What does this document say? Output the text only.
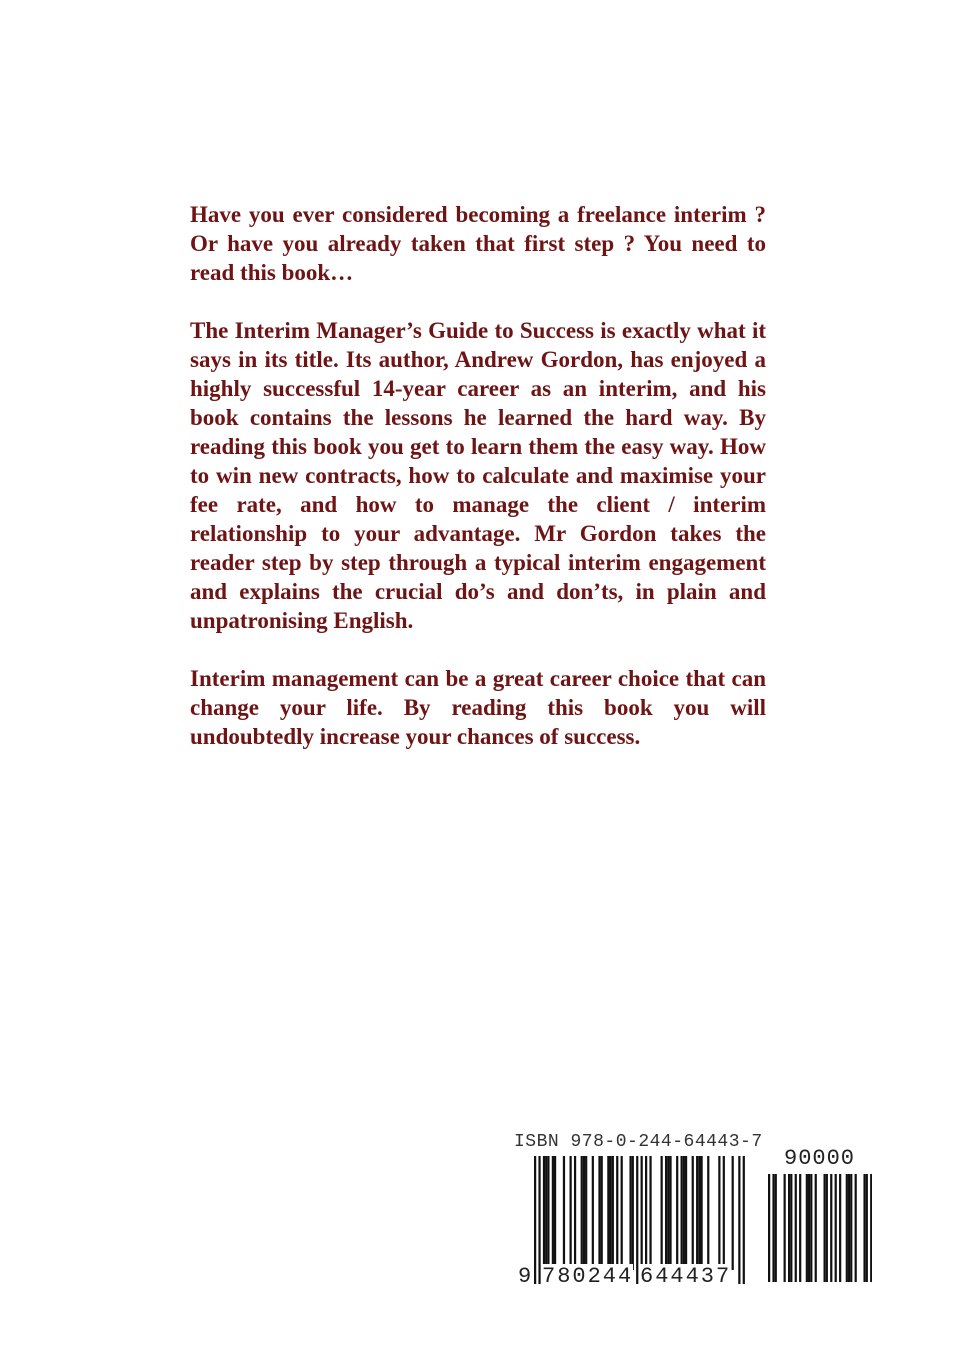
Have you ever considered becoming a freelance interim ? Or have you already taken that first step ? You need to read this book…

The Interim Manager’s Guide to Success is exactly what it says in its title. Its author, Andrew Gordon, has enjoyed a highly successful 14-year career as an interim, and his book contains the lessons he learned the hard way. By reading this book you get to learn them the easy way. How to win new contracts, how to calculate and maximise your fee rate, and how to manage the client / interim relationship to your advantage. Mr Gordon takes the reader step by step through a typical interim engagement and explains the crucial do’s and don’ts, in plain and unpatronising English.

Interim management can be a great career choice that can change your life. By reading this book you will undoubtedly increase your chances of success.

ISBN 978-0-244-64443-7
90000
9 780244 644437
